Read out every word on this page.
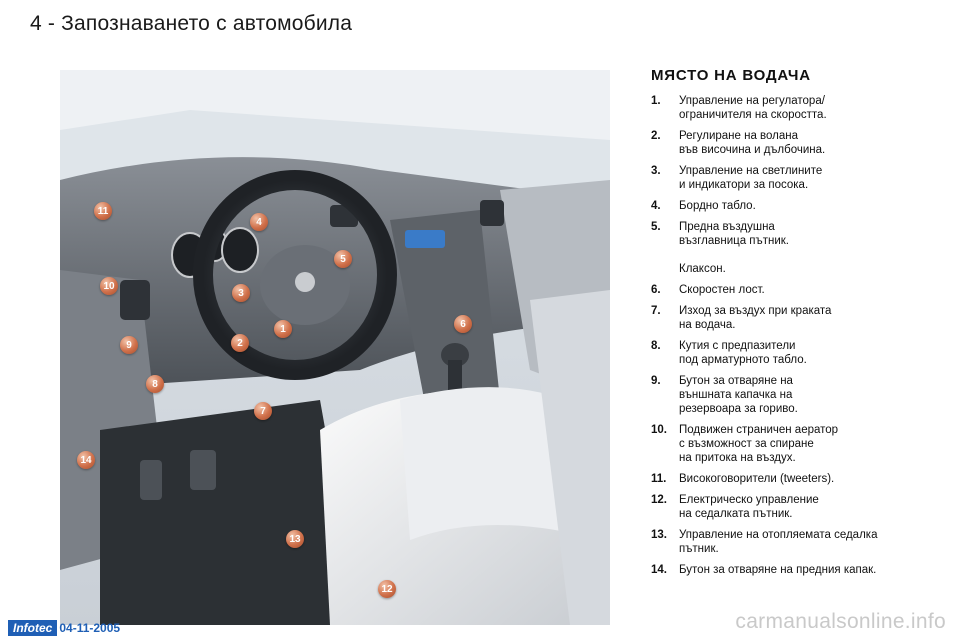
4 - Запознаването с автомобила
11
4
5
10
3
1	6
2
9
8
7
14
13
12
МЯСТО НА ВОДАЧА
1.	Управление на регулатора/
ограничителя на скоростта.
2.	Регулиране на волана
във височина и дълбочина.
3.	Управление на светлините
и индикатори за посока.
4.	Бордно табло.
5.	Предна въздушна
възглавница пътник.

Клаксон.
6.	Скоростен лост.
7.	Изход за въздух при краката
на водача.
8.	Кутия с предпазители
под арматурното табло.
9.	Бутон за отваряне на
външната капачка на
резервоара за гориво.
10.	Подвижен страничен аератор
с възможност за спиране
на притока на въздух.
11.	Високоговорители (tweeters).
12.	Електрическо управление
на седалката пътник.
13.	Управление на отопляемата седалка
пътник.
14.	Бутон за отваряне на предния капак.
Infotec 04-11-2005	carmanualsonline.info
